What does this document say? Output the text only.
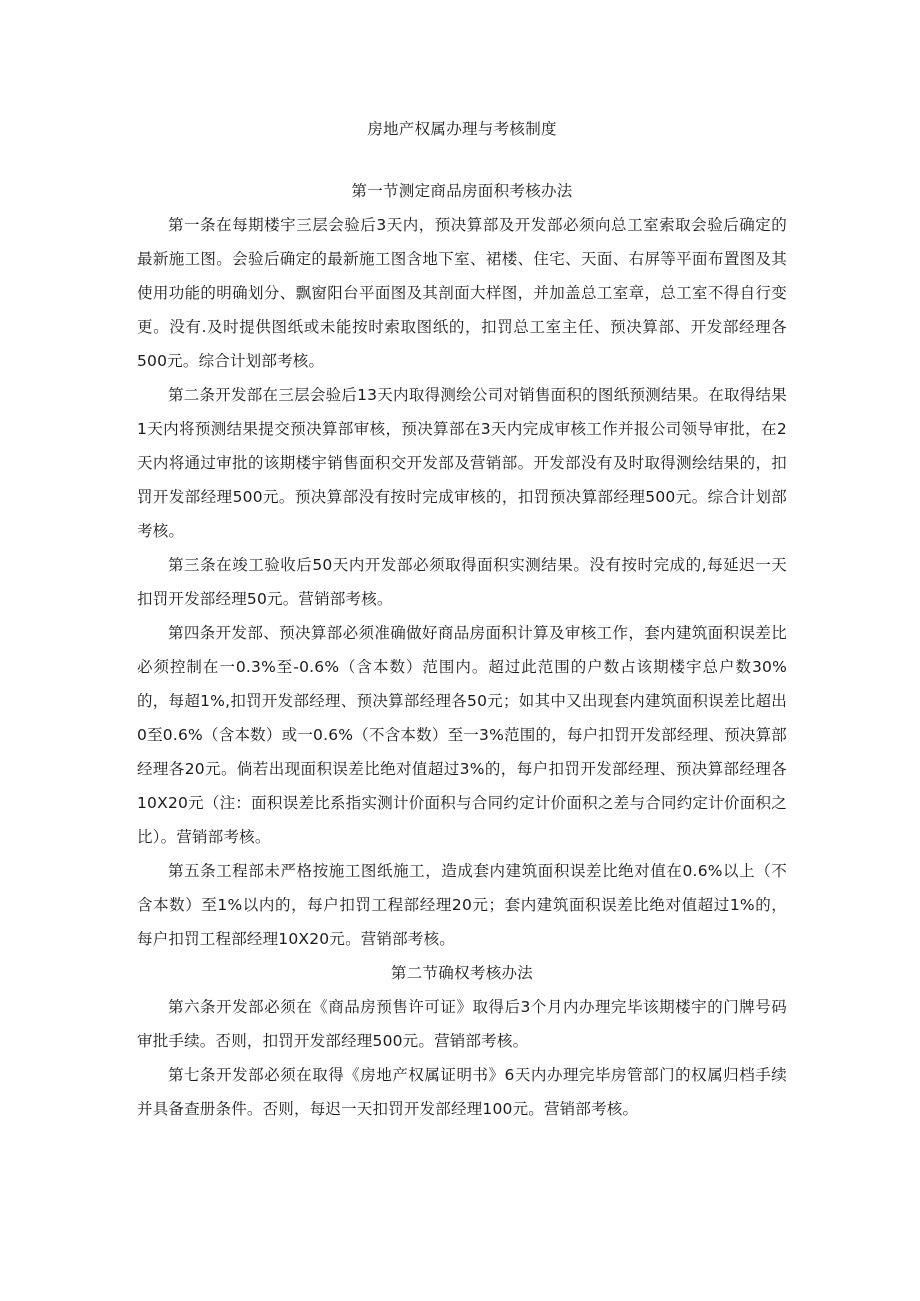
房地产权属办理与考核制度
第一节测定商品房面积考核办法

第一条在每期楼宇三层会验后3天内，预决算部及开发部必须向总工室索取会验后确定的最新施工图。会验后确定的最新施工图含地下室、裙楼、住宅、天面、右屏等平面布置图及其使用功能的明确划分、飘窗阳台平面图及其剖面大样图，并加盖总工室章，总工室不得自行变更。没有.及时提供图纸或未能按时索取图纸的，扣罚总工室主任、预决算部、开发部经理各500元。综合计划部考核。

第二条开发部在三层会验后13天内取得测绘公司对销售面积的图纸预测结果。在取得结果1天内将预测结果提交预决算部审核，预决算部在3天内完成审核工作并报公司领导审批，在2天内将通过审批的该期楼宇销售面积交开发部及营销部。开发部没有及时取得测绘结果的，扣罚开发部经理500元。预决算部没有按时完成审核的，扣罚预决算部经理500元。综合计划部考核。

第三条在竣工验收后50天内开发部必须取得面积实测结果。没有按时完成的,每延迟一天扣罚开发部经理50元。营销部考核。

第四条开发部、预决算部必须准确做好商品房面积计算及审核工作，套内建筑面积误差比必须控制在一0.3%至-0.6%（含本数）范围内。超过此范围的户数占该期楼宇总户数30%的，每超1%,扣罚开发部经理、预决算部经理各50元；如其中又出现套内建筑面积误差比超出0至0.6%（含本数）或一0.6%（不含本数）至一3%范围的，每户扣罚开发部经理、预决算部经理各20元。倘若出现面积误差比绝对值超过3%的，每户扣罚开发部经理、预决算部经理各10X20元（注：面积误差比系指实测计价面积与合同约定计价面积之差与合同约定计价面积之比）。营销部考核。

第五条工程部未严格按施工图纸施工，造成套内建筑面积误差比绝对值在0.6%以上（不含本数）至1%以内的，每户扣罚工程部经理20元；套内建筑面积误差比绝对值超过1%的，每户扣罚工程部经理10X20元。营销部考核。

第二节确权考核办法

第六条开发部必须在《商品房预售许可证》取得后3个月内办理完毕该期楼宇的门牌号码审批手续。否则，扣罚开发部经理500元。营销部考核。

第七条开发部必须在取得《房地产权属证明书》6天内办理完毕房管部门的权属归档手续并具备查册条件。否则，每迟一天扣罚开发部经理100元。营销部考核。
